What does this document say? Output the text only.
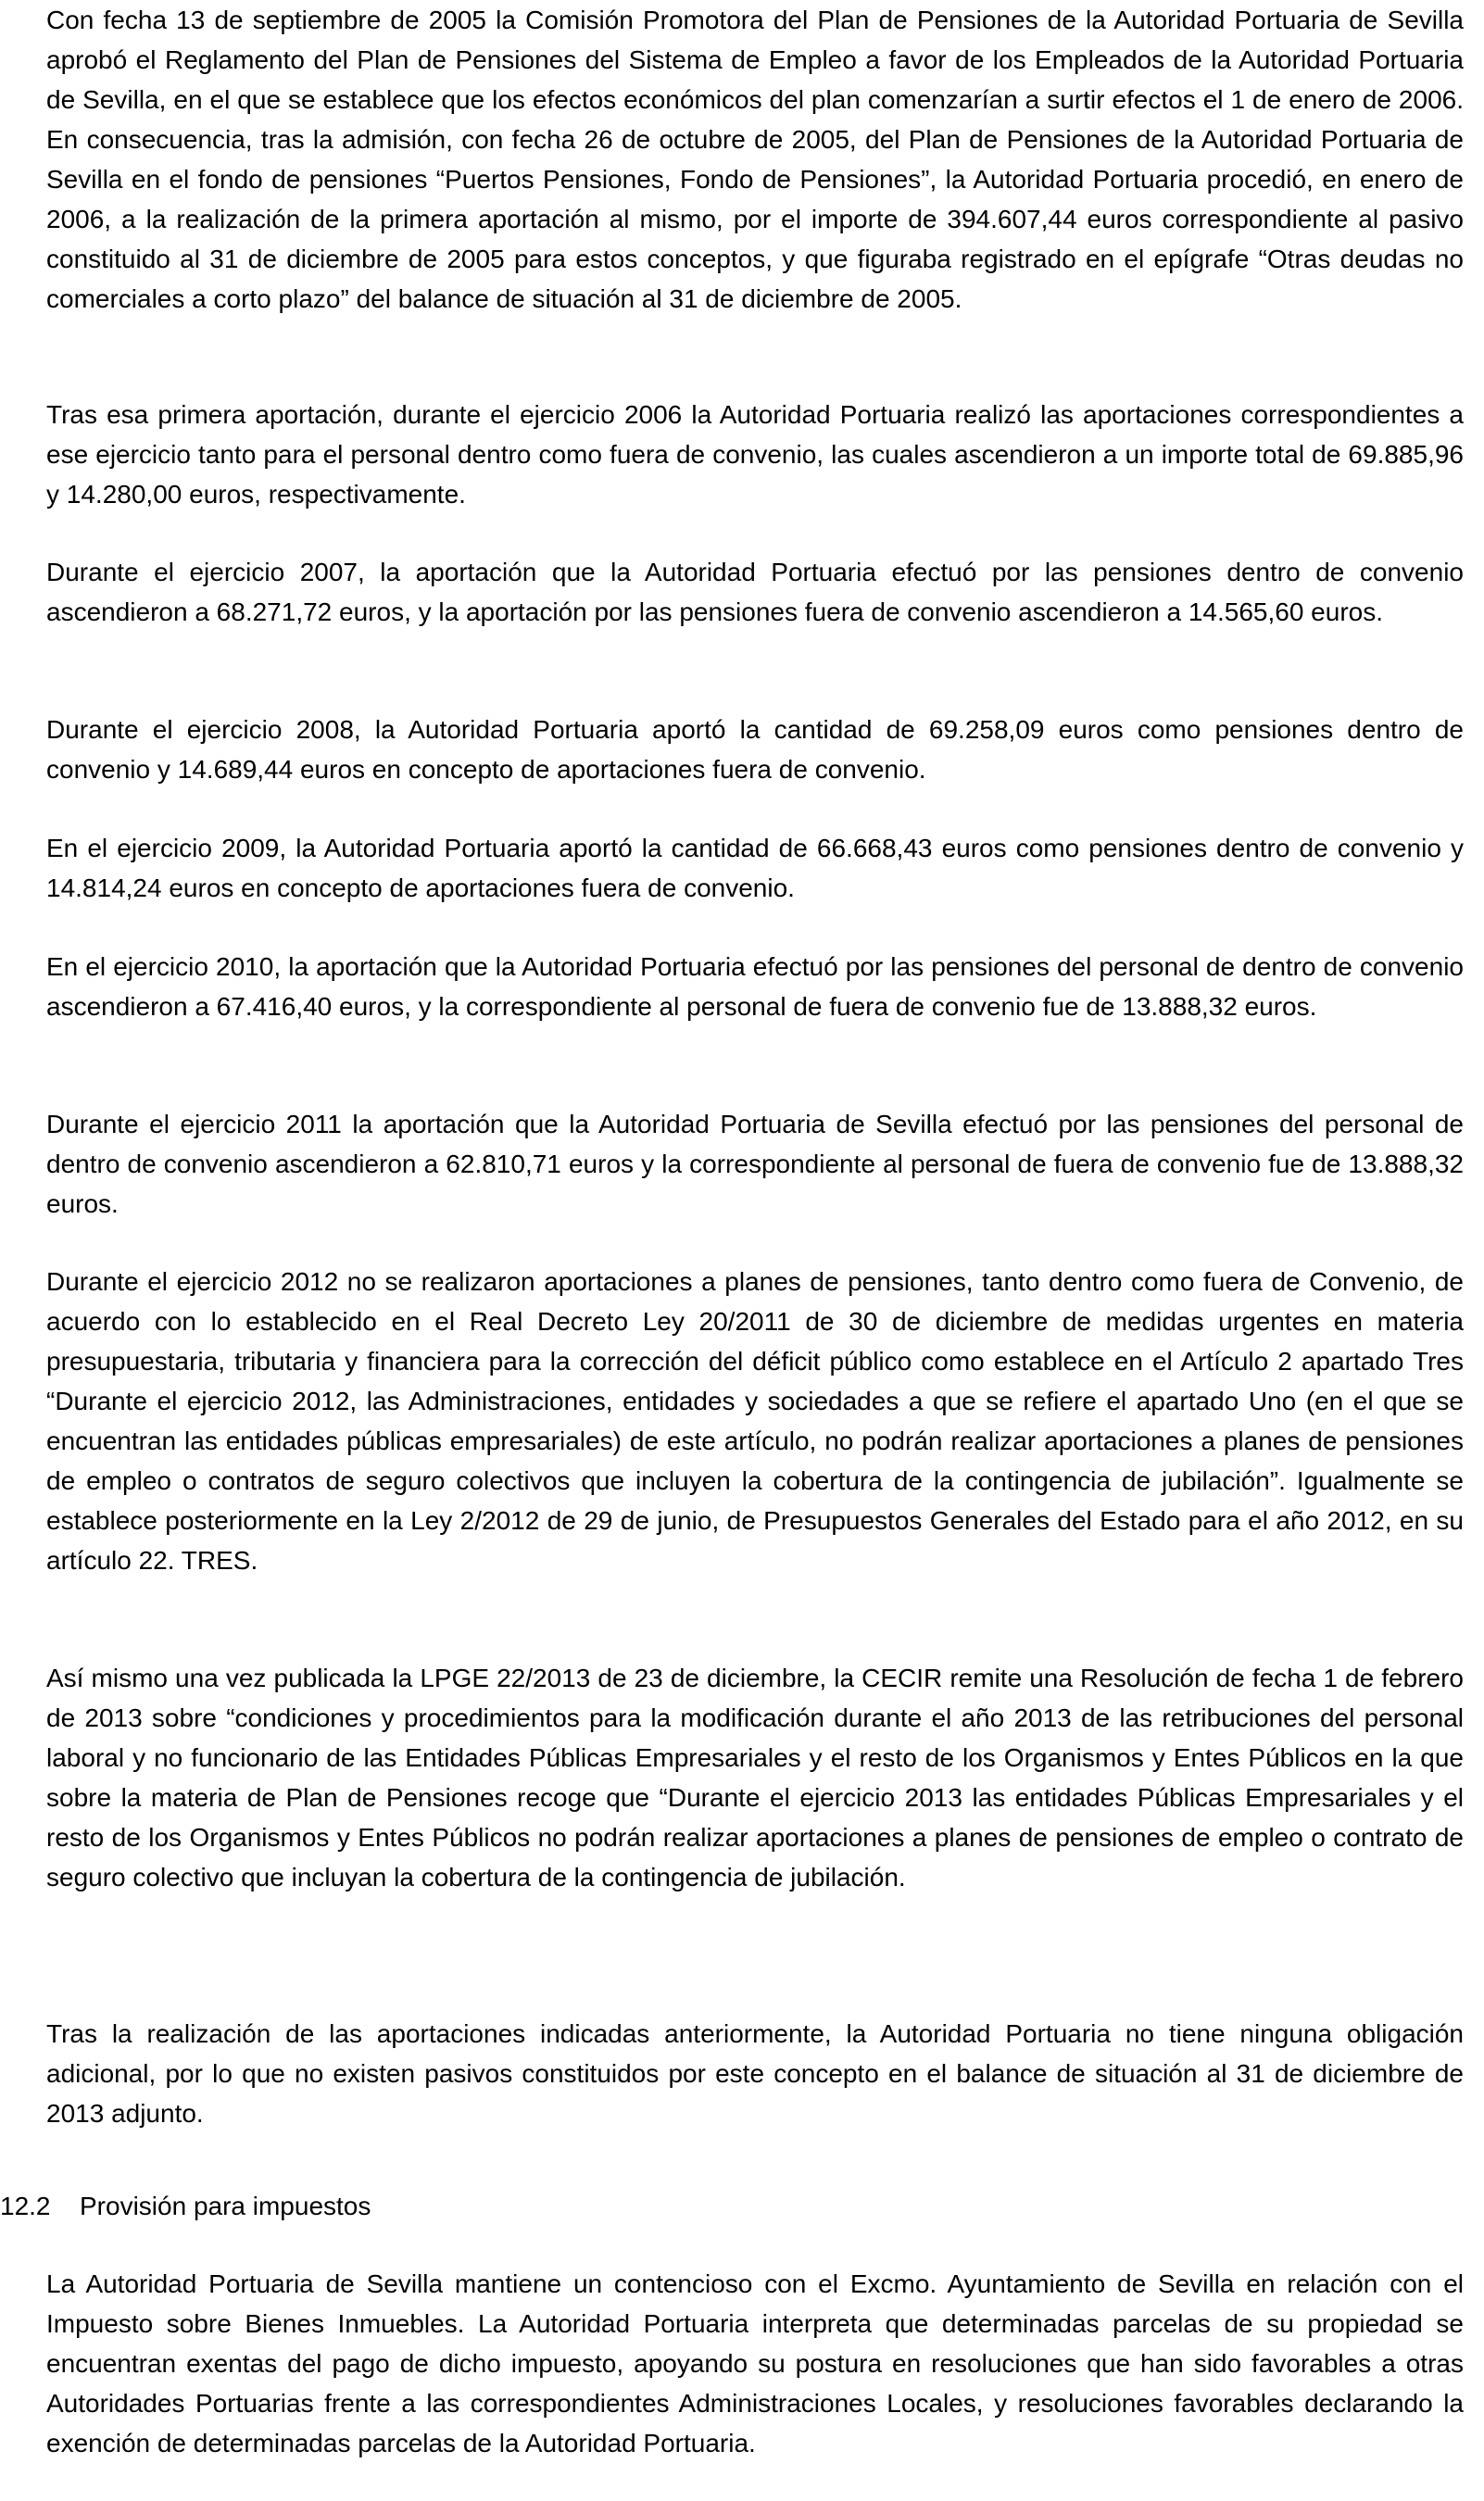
Con fecha 13 de septiembre de 2005 la Comisión Promotora del Plan de Pensiones de la Autoridad Portuaria de Sevilla aprobó el Reglamento del Plan de Pensiones del Sistema de Empleo a favor de los Empleados de la Autoridad Portuaria de Sevilla, en el que se establece que los efectos económicos del plan comenzarían a surtir efectos el 1 de enero de 2006. En consecuencia, tras la admisión, con fecha 26 de octubre de 2005, del Plan de Pensiones de la Autoridad Portuaria de Sevilla en el fondo de pensiones “Puertos Pensiones, Fondo de Pensiones”, la Autoridad Portuaria procedió, en enero de 2006, a la realización de la primera aportación al mismo, por el importe de 394.607,44 euros correspondiente al pasivo constituido al 31 de diciembre de 2005 para estos conceptos, y que figuraba registrado en el epígrafe “Otras deudas no comerciales a corto plazo” del balance de situación al 31 de diciembre de 2005.

Tras esa primera aportación, durante el ejercicio 2006 la Autoridad Portuaria realizó las aportaciones correspondientes a ese ejercicio tanto para el personal dentro como fuera de convenio, las cuales ascendieron a un importe total de 69.885,96 y 14.280,00 euros, respectivamente.

Durante el ejercicio 2007, la aportación que la Autoridad Portuaria efectuó por las pensiones dentro de convenio ascendieron a 68.271,72 euros, y la aportación por las pensiones fuera de convenio ascendieron a 14.565,60 euros.

Durante el ejercicio 2008, la Autoridad Portuaria aportó la cantidad de 69.258,09 euros como pensiones dentro de convenio y 14.689,44 euros en concepto de aportaciones fuera de convenio.

En el ejercicio 2009, la Autoridad Portuaria aportó la cantidad de 66.668,43 euros como pensiones dentro de convenio y 14.814,24 euros en concepto de aportaciones fuera de convenio.

En el ejercicio 2010, la aportación que la Autoridad Portuaria efectuó por las pensiones del personal de dentro de convenio ascendieron a 67.416,40 euros, y la correspondiente al personal de fuera de convenio fue de 13.888,32 euros.

Durante el ejercicio 2011 la aportación que la Autoridad Portuaria de Sevilla efectuó por las pensiones del personal de dentro de convenio ascendieron a 62.810,71 euros y la correspondiente al personal de fuera de convenio fue de 13.888,32 euros.

Durante el ejercicio 2012 no se realizaron aportaciones a planes de pensiones, tanto dentro como fuera de Convenio, de acuerdo con lo establecido en el Real Decreto Ley 20/2011 de 30 de diciembre de medidas urgentes en materia presupuestaria, tributaria y financiera para la corrección del déficit público como establece en el Artículo 2 apartado Tres “Durante el ejercicio 2012, las Administraciones, entidades y sociedades a que se refiere el apartado Uno (en el que se encuentran las entidades públicas empresariales) de este artículo, no podrán realizar aportaciones a planes de pensiones de empleo o contratos de seguro colectivos que incluyen la cobertura de la contingencia de jubilación”. Igualmente se establece posteriormente en la Ley 2/2012 de 29 de junio, de Presupuestos Generales del Estado para el año 2012, en su artículo 22. TRES.

Así mismo una vez publicada la LPGE 22/2013 de 23 de diciembre, la CECIR remite una Resolución de fecha 1 de febrero de 2013 sobre “condiciones y procedimientos para la modificación durante el año 2013 de las retribuciones del personal laboral y no funcionario de las Entidades Públicas Empresariales y el resto de los Organismos y Entes Públicos en la que sobre la materia de Plan de Pensiones recoge que “Durante el ejercicio 2013 las entidades Públicas Empresariales y el resto de los Organismos y Entes Públicos no podrán realizar aportaciones a planes de pensiones de empleo o contrato de seguro colectivo que incluyan la cobertura de la contingencia de jubilación.

Tras la realización de las aportaciones indicadas anteriormente, la Autoridad Portuaria no tiene ninguna obligación adicional, por lo que no existen pasivos constituidos por este concepto en el balance de situación al 31 de diciembre de 2013 adjunto.

12.2 Provisión para impuestos

La Autoridad Portuaria de Sevilla mantiene un contencioso con el Excmo. Ayuntamiento de Sevilla en relación con el Impuesto sobre Bienes Inmuebles. La Autoridad Portuaria interpreta que determinadas parcelas de su propiedad se encuentran exentas del pago de dicho impuesto, apoyando su postura en resoluciones que han sido favorables a otras Autoridades Portuarias frente a las correspondientes Administraciones Locales, y resoluciones favorables declarando la exención de determinadas parcelas de la Autoridad Portuaria.
